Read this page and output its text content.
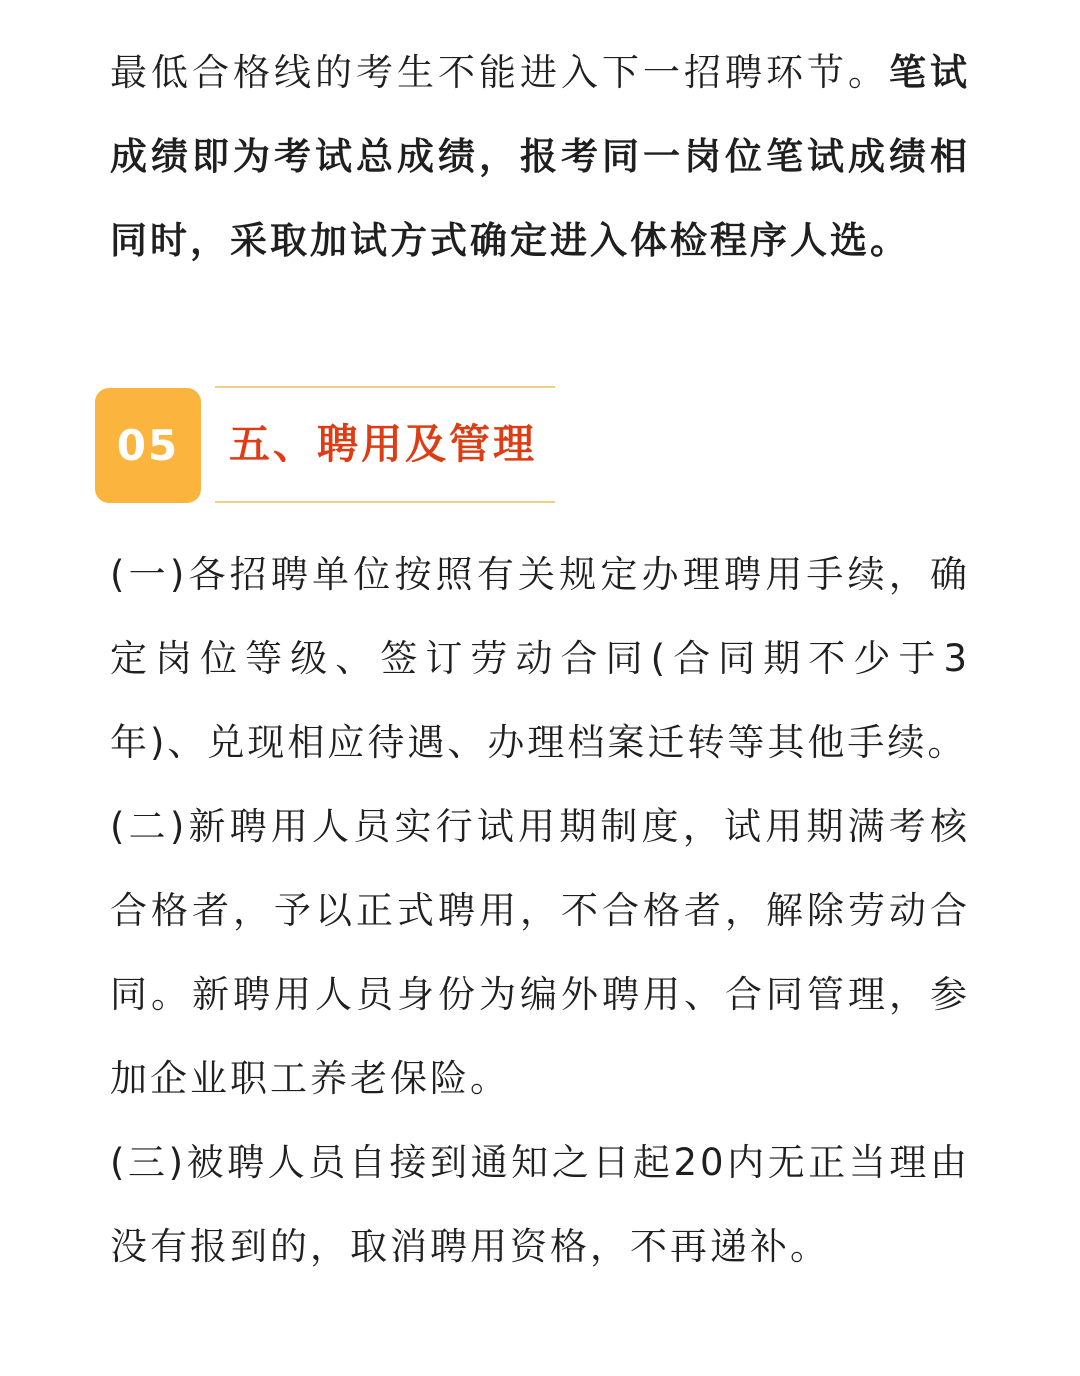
最低合格线的考生不能进入下一招聘环节。笔试成绩即为考试总成绩，报考同一岗位笔试成绩相同时，采取加试方式确定进入体检程序人选。

05	五、聘用及管理

(一)各招聘单位按照有关规定办理聘用手续，确定岗位等级、签订劳动合同(合同期不少于3年)、兑现相应待遇、办理档案迁转等其他手续。

(二)新聘用人员实行试用期制度，试用期满考核合格者，予以正式聘用，不合格者，解除劳动合同。新聘用人员身份为编外聘用、合同管理，参加企业职工养老保险。

(三)被聘人员自接到通知之日起20内无正当理由没有报到的，取消聘用资格，不再递补。
